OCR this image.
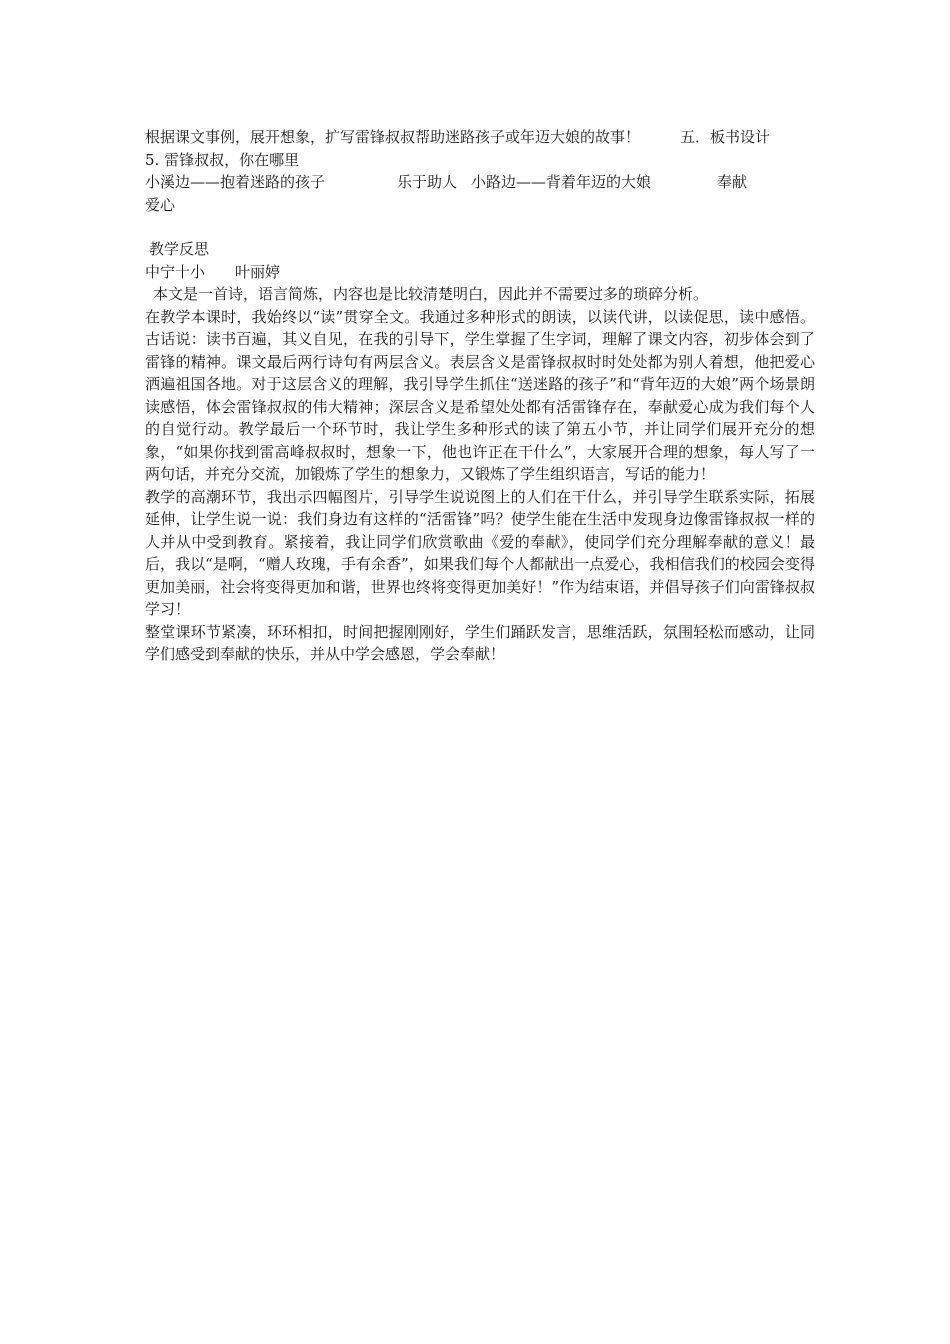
根据课文事例，展开想象，扩写雷锋叔叔帮助迷路孩子或年迈大娘的故事！	五．板书设计
5. 雷锋叔叔，你在哪里
小溪边——抱着迷路的孩子	乐于助人 小路边——背着年迈的大娘	奉献
爱心
教学反思
中宁十小 叶丽婷

本文是一首诗，语言简炼，内容也是比较清楚明白，因此并不需要过多的琐碎分析。

在教学本课时，我始终以“读”贯穿全文。我通过多种形式的朗读，以读代讲，以读促思，读中感悟。古话说：读书百遍，其义自见，在我的引导下，学生掌握了生字词，理解了课文内容，初步体会到了雷锋的精神。课文最后两行诗句有两层含义。表层含义是雷锋叔叔时时处处都为别人着想，他把爱心洒遍祖国各地。对于这层含义的理解，我引导学生抓住“送迷路的孩子”和“背年迈的大娘”两个场景朗读感悟，体会雷锋叔叔的伟大精神；深层含义是希望处处都有活雷锋存在，奉献爱心成为我们每个人的自觉行动。教学最后一个环节时，我让学生多种形式的读了第五小节，并让同学们展开充分的想象，“如果你找到雷高峰叔叔时，想象一下，他也许正在干什么”，大家展开合理的想象，每人写了一两句话，并充分交流，加锻炼了学生的想象力，又锻炼了学生组织语言，写话的能力！

教学的高潮环节，我出示四幅图片，引导学生说说图上的人们在干什么，并引导学生联系实际，拓展延伸，让学生说一说：我们身边有这样的“活雷锋”吗？使学生能在生活中发现身边像雷锋叔叔一样的人并从中受到教育。紧接着，我让同学们欣赏歌曲《爱的奉献》，使同学们充分理解奉献的意义！最后，我以“是啊，“赠人玫瑰，手有余香”，如果我们每个人都献出一点爱心，我相信我们的校园会变得更加美丽，社会将变得更加和谐，世界也终将变得更加美好！”作为结束语，并倡导孩子们向雷锋叔叔学习！

整堂课环节紧凑，环环相扣，时间把握刚刚好，学生们踊跃发言，思维活跃，氛围轻松而感动，让同学们感受到奉献的快乐，并从中学会感恩，学会奉献！
